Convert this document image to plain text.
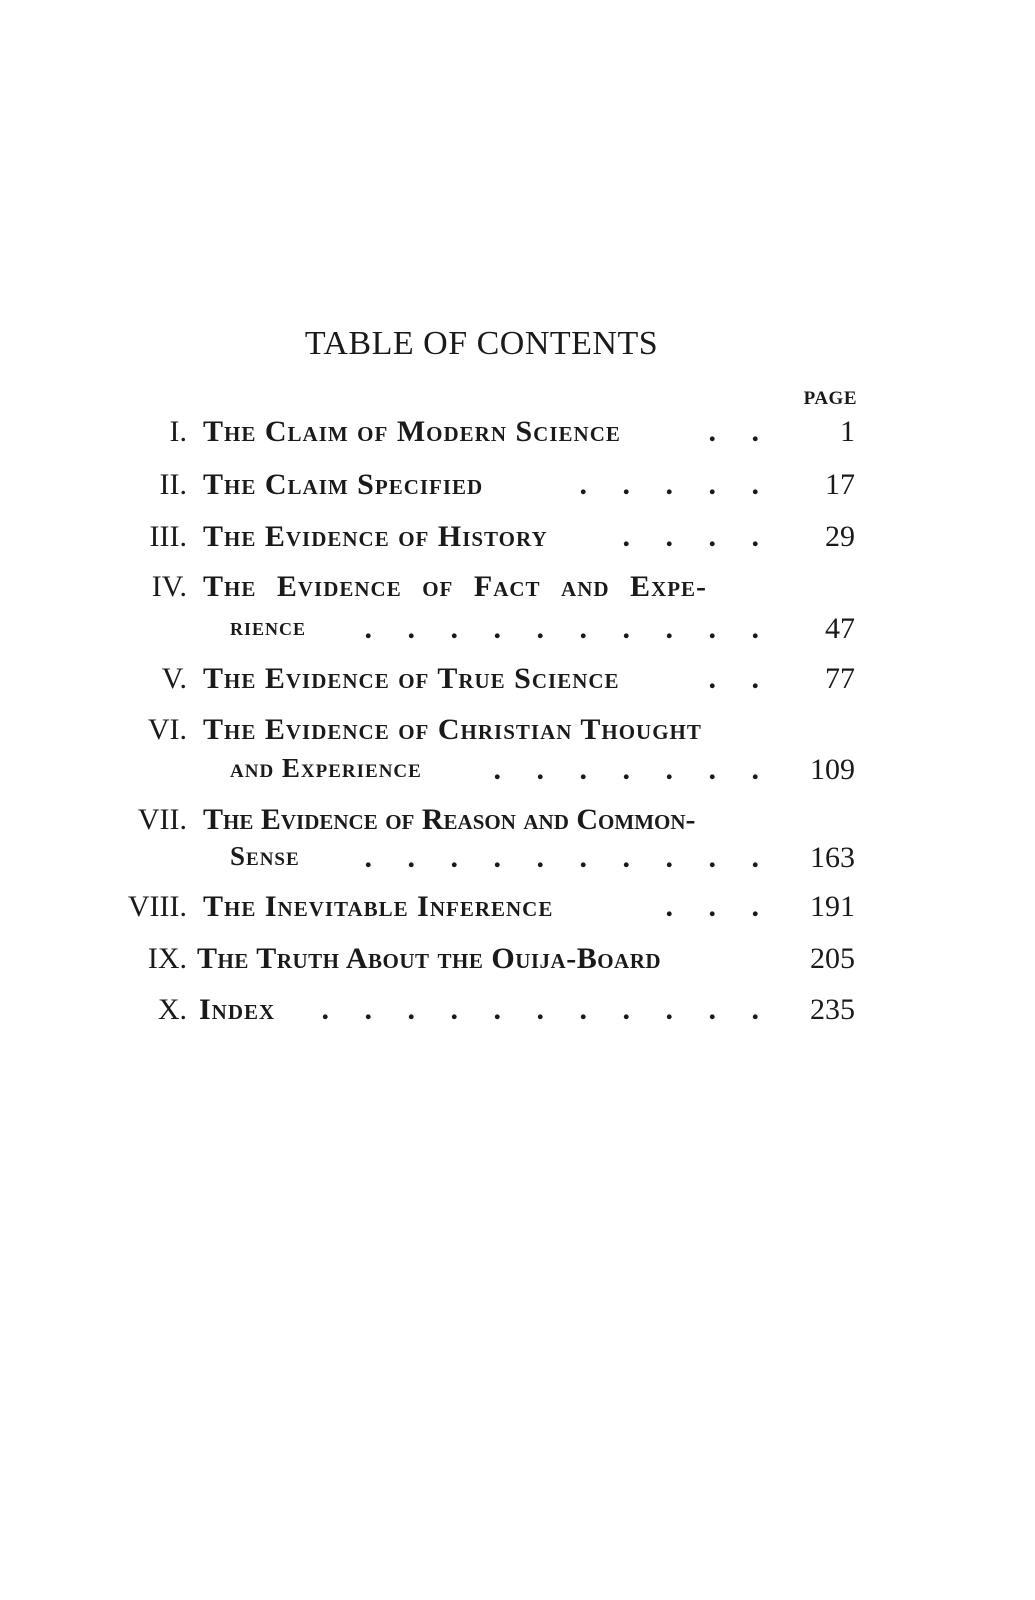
TABLE OF CONTENTS
PAGE
I. The Claim of Modern Science	. . 1
II. The Claim Specified	. . . . . 17
III. The Evidence of History . . . . 29
IV. The Evidence of Fact and Expe-
rience . . . . . . . . . . 47
V. The Evidence of True Science	. . 77
VI. The Evidence of Christian Thought
and Experience . . . . . . . 109
VII. The Evidence of Reason and Common-
Sense . . . . . . . . . . 163
VIII. The Inevitable Inference	. . . 191
IX. The Truth About the Ouija-Board	205
X. Index . . . . . . . . . . . 235
